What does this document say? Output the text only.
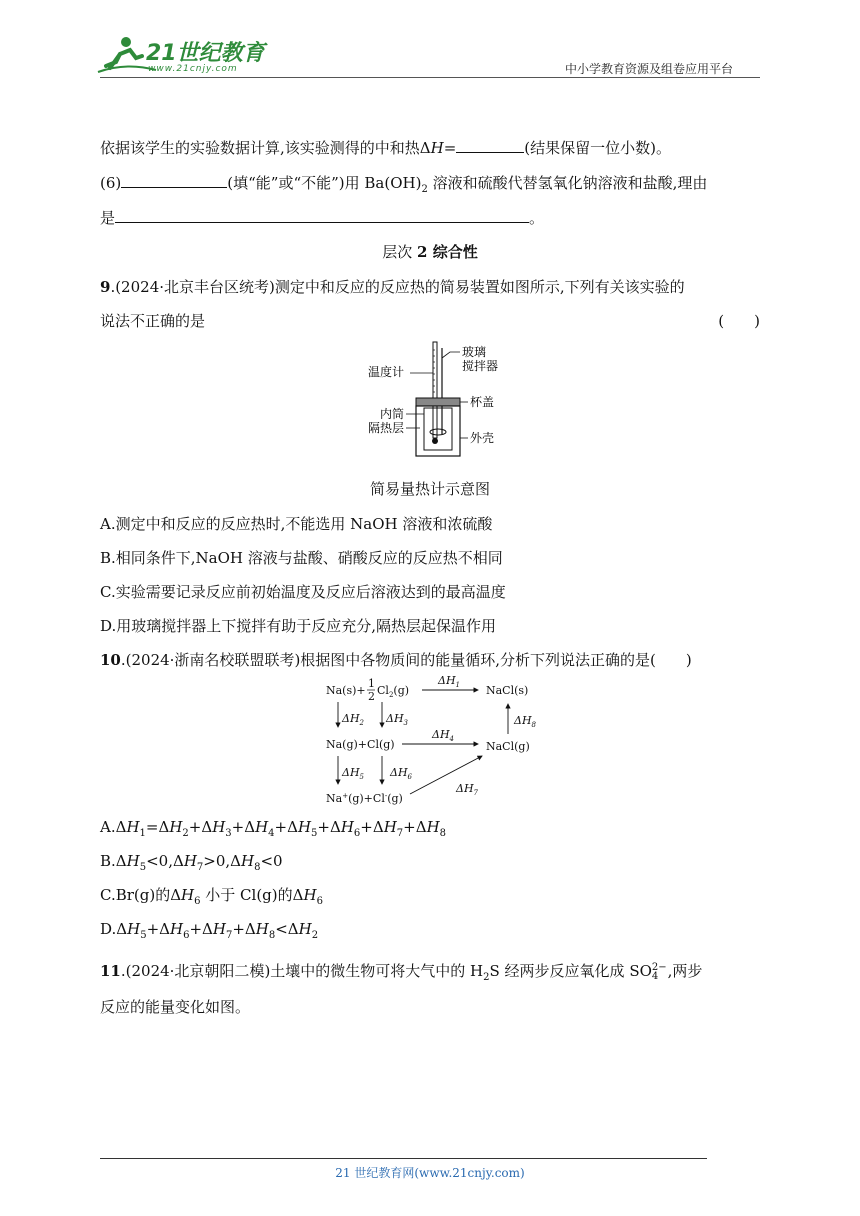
21世纪教育
www.21cnjy.com	中小学教育资源及组卷应用平台
依据该学生的实验数据计算,该实验测得的中和热ΔH=	(结果保留一位小数)。
(6)	(填“能”或“不能”)用 $Ba(OH)_2$ 溶液和硫酸代替氢氧化钠溶液和盐酸,理由
是	。
层次 2 综合性
9.(2024·北京丰台区统考)测定中和反应的反应热的简易装置如图所示,下列有关该实验的
说法不正确的是	(　　)
温度计
玻璃
搅拌器
杯盖
内筒
隔热层
外壳
简易量热计示意图
A.测定中和反应的反应热时,不能选用 NaOH 溶液和浓硫酸
B.相同条件下,NaOH 溶液与盐酸、硝酸反应的反应热不相同
C.实验需要记录反应前初始温度及反应后溶液达到的最高温度
D.用玻璃搅拌器上下搅拌有助于反应充分,隔热层起保温作用
10.(2024·浙南名校联盟联考)根据图中各物质间的能量循环,分析下列说法正确的是(　　)
Na(s)+
1
2 $Cl_2(g)$
$\Delta H_1$ NaCl(s)
$\Delta H_2$ $\Delta H_3$	$\Delta H_8$
Na(g)+Cl(g)
$\Delta H_4$
NaCl(g)
$\Delta H_5$ $\Delta H_6$
Na+(g)+Cl-(g)
$\Delta H_7$
$A.\Delta H_1=\Delta H_2+\Delta H_3+\Delta H_4+\Delta H_5+\Delta H_6+\Delta H_7+\Delta H_8$
$B.\Delta H_5<0,\Delta H_7>0,\Delta H_8<0$
C.Br(g)的$\Delta H_6$ 小于 Cl(g)的$\Delta H_6$
$D.\Delta H_5+\Delta H_6+\Delta H_7+\Delta H_8<\Delta H_2$
11.(2024·北京朝阳二模)土壤中的微生物可将大气中的 $H_2S$ 经两步反应氧化成 SO 2−
4 ,两步
反应的能量变化如图。
21 世纪教育网(www.21cnjy.com)
